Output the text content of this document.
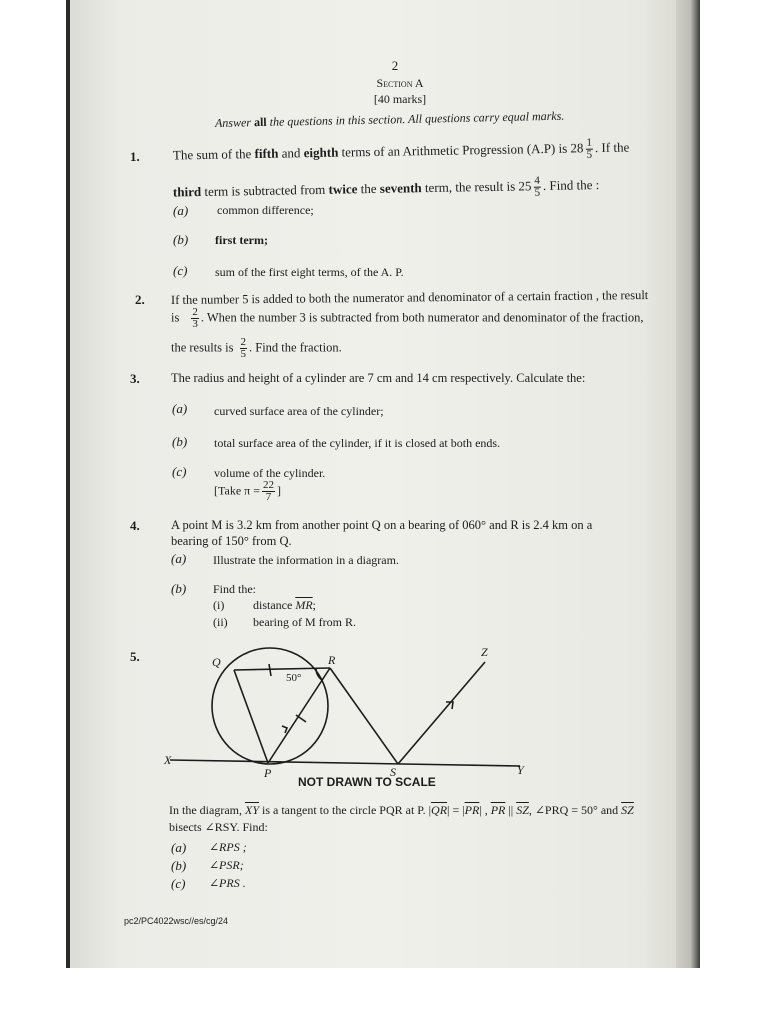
2
Section A
[40 marks]
Answer all the questions in this section. All questions carry equal marks.
1.	The sum of the fifth and eighth terms of an Arithmetic Progression (A.P) is $28 \frac{1}{5}$ . If the
third term is subtracted from twice the seventh term, the result is $25 \frac{4}{5}$ . Find the :
(a) common difference;
(b) first term;
(c) sum of the first eight terms, of the A. P.
2. If the number 5 is added to both the numerator and denominator of a certain fraction , the result
is $\frac{2}{3}$ . When the number 3 is subtracted from both numerator and denominator of the fraction,
the results is $\frac{2}{5}$ . Find the fraction.
3.	The radius and height of a cylinder are 7 cm and 14 cm respectively. Calculate the:
(a) curved surface area of the cylinder;
(b) total surface area of the cylinder, if it is closed at both ends.
(c) volume of the cylinder.
[Take $\pi = \frac{22}{7}$ ]
4.	A point M is 3.2 km from another point Q on a bearing of 060° and R is 2.4 km on a
bearing of 150° from Q.
(a) Illustrate the information in a diagram.
(b) Find the:
(i) distance $\overline{MR}$;
(ii) bearing of M from R.
5.	Q	R
Z
X
Y
P	S
50°
NOT DRAWN TO SCALE
In the diagram, $\overline{XY}$ is a tangent to the circle PQR at P. $|\overline{QR}| = |\overline{PR}|$ , $\overline{PR}$ || $\overline{SZ}$, ∠PRQ = 50° and $\overline{SZ}$
bisects ∠RSY. Find:
(a) ∠RPS ;
(b) ∠PSR;
(c) ∠PRS .
pc2/PC4022wsc//es/cg/24
